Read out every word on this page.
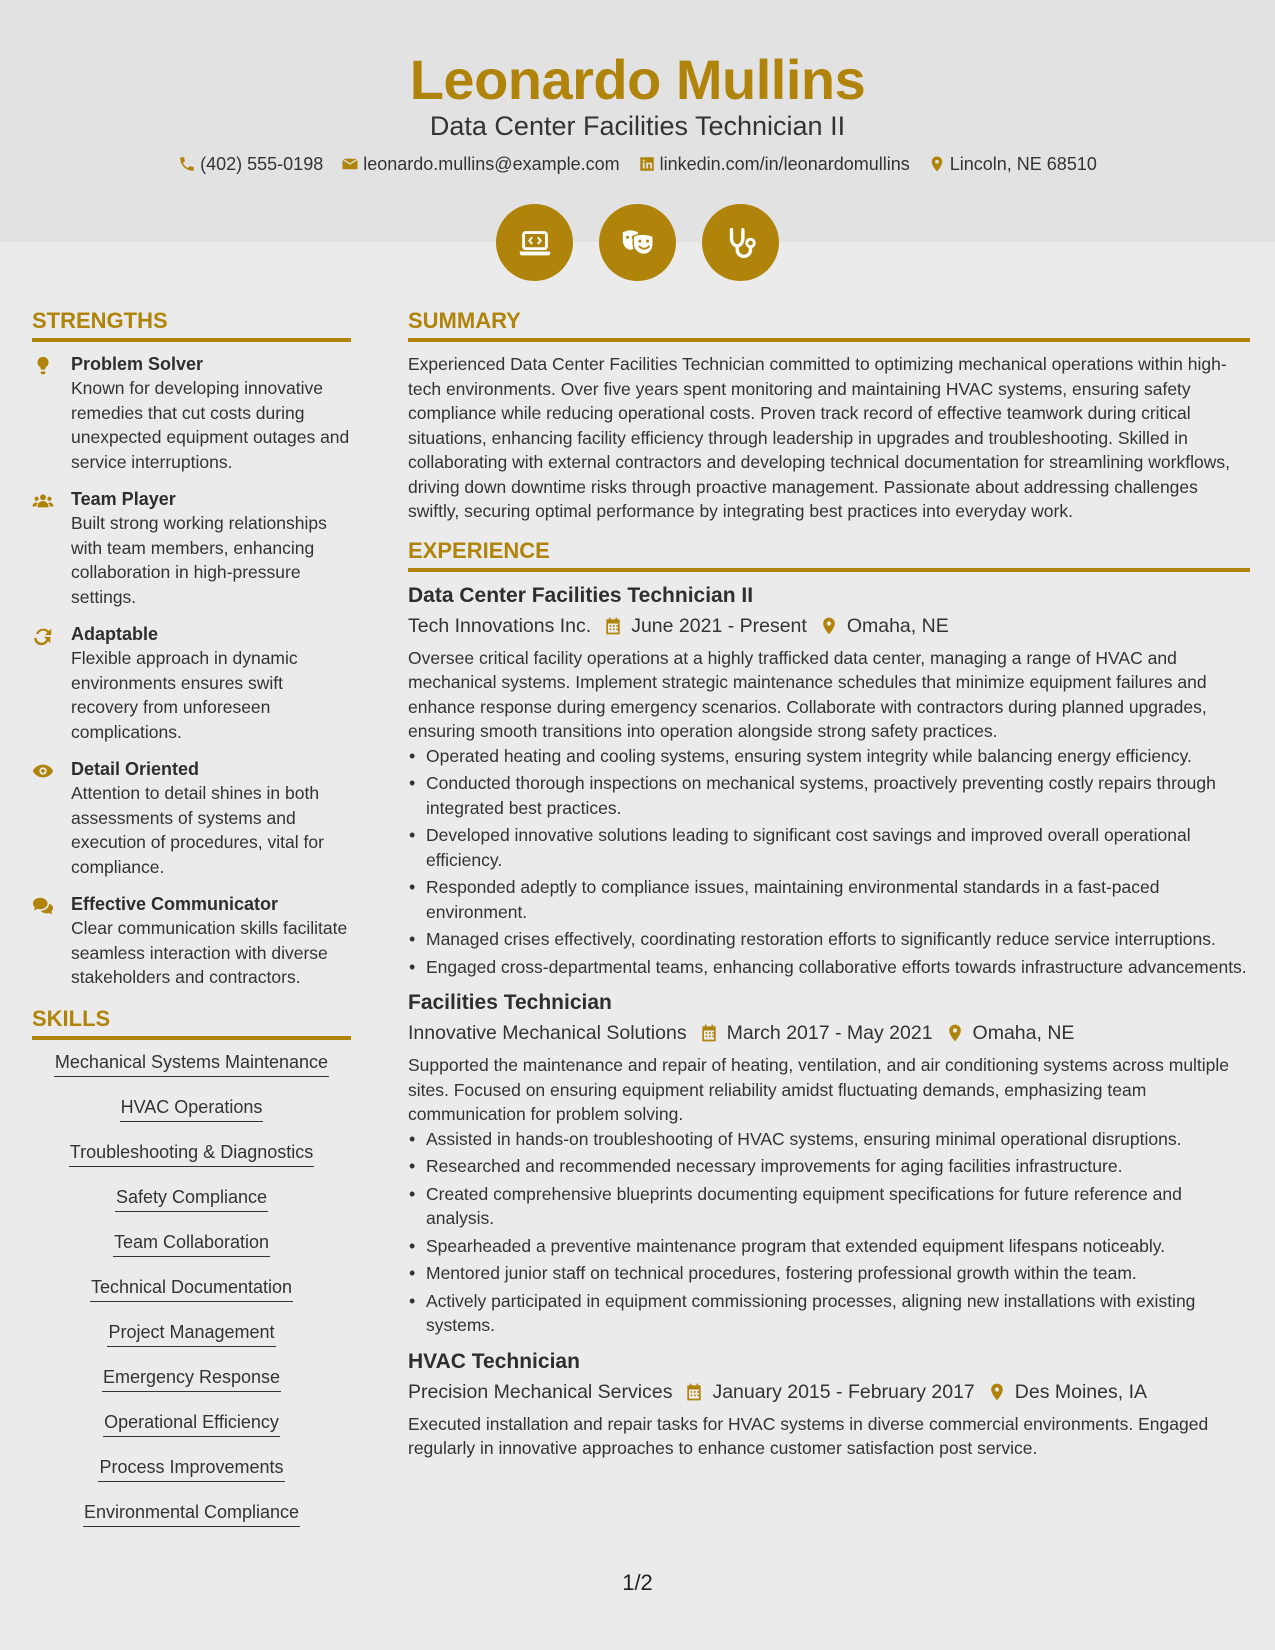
Leonardo Mullins
Data Center Facilities Technician II
(402) 555-0198 leonardo.mullins@example.com linkedin.com/in/leonardomullins Lincoln, NE 68510
STRENGTHS
Problem Solver
Known for developing innovative remedies that cut costs during unexpected equipment outages and service interruptions.
Team Player
Built strong working relationships with team members, enhancing collaboration in high-pressure settings.
Adaptable
Flexible approach in dynamic environments ensures swift recovery from unforeseen complications.
Detail Oriented
Attention to detail shines in both assessments of systems and execution of procedures, vital for compliance.
Effective Communicator
Clear communication skills facilitate seamless interaction with diverse stakeholders and contractors.
SKILLS
Mechanical Systems Maintenance
HVAC Operations
Troubleshooting & Diagnostics
Safety Compliance
Team Collaboration
Technical Documentation
Project Management
Emergency Response
Operational Efficiency
Process Improvements
Environmental Compliance
SUMMARY
Experienced Data Center Facilities Technician committed to optimizing mechanical operations within high-tech environments. Over five years spent monitoring and maintaining HVAC systems, ensuring safety compliance while reducing operational costs. Proven track record of effective teamwork during critical situations, enhancing facility efficiency through leadership in upgrades and troubleshooting. Skilled in collaborating with external contractors and developing technical documentation for streamlining workflows, driving down downtime risks through proactive management. Passionate about addressing challenges swiftly, securing optimal performance by integrating best practices into everyday work.
EXPERIENCE
Data Center Facilities Technician II
Tech Innovations Inc. June 2021 - Present Omaha, NE
Oversee critical facility operations at a highly trafficked data center, managing a range of HVAC and mechanical systems. Implement strategic maintenance schedules that minimize equipment failures and enhance response during emergency scenarios. Collaborate with contractors during planned upgrades, ensuring smooth transitions into operation alongside strong safety practices.
• Operated heating and cooling systems, ensuring system integrity while balancing energy efficiency.
• Conducted thorough inspections on mechanical systems, proactively preventing costly repairs through integrated best practices.
• Developed innovative solutions leading to significant cost savings and improved overall operational efficiency.
• Responded adeptly to compliance issues, maintaining environmental standards in a fast-paced environment.
• Managed crises effectively, coordinating restoration efforts to significantly reduce service interruptions.
• Engaged cross-departmental teams, enhancing collaborative efforts towards infrastructure advancements.
Facilities Technician
Innovative Mechanical Solutions March 2017 - May 2021 Omaha, NE
Supported the maintenance and repair of heating, ventilation, and air conditioning systems across multiple sites. Focused on ensuring equipment reliability amidst fluctuating demands, emphasizing team communication for problem solving.
• Assisted in hands-on troubleshooting of HVAC systems, ensuring minimal operational disruptions.
• Researched and recommended necessary improvements for aging facilities infrastructure.
• Created comprehensive blueprints documenting equipment specifications for future reference and analysis.
• Spearheaded a preventive maintenance program that extended equipment lifespans noticeably.
• Mentored junior staff on technical procedures, fostering professional growth within the team.
• Actively participated in equipment commissioning processes, aligning new installations with existing systems.
HVAC Technician
Precision Mechanical Services January 2015 - February 2017 Des Moines, IA
Executed installation and repair tasks for HVAC systems in diverse commercial environments. Engaged regularly in innovative approaches to enhance customer satisfaction post service.
1/2
